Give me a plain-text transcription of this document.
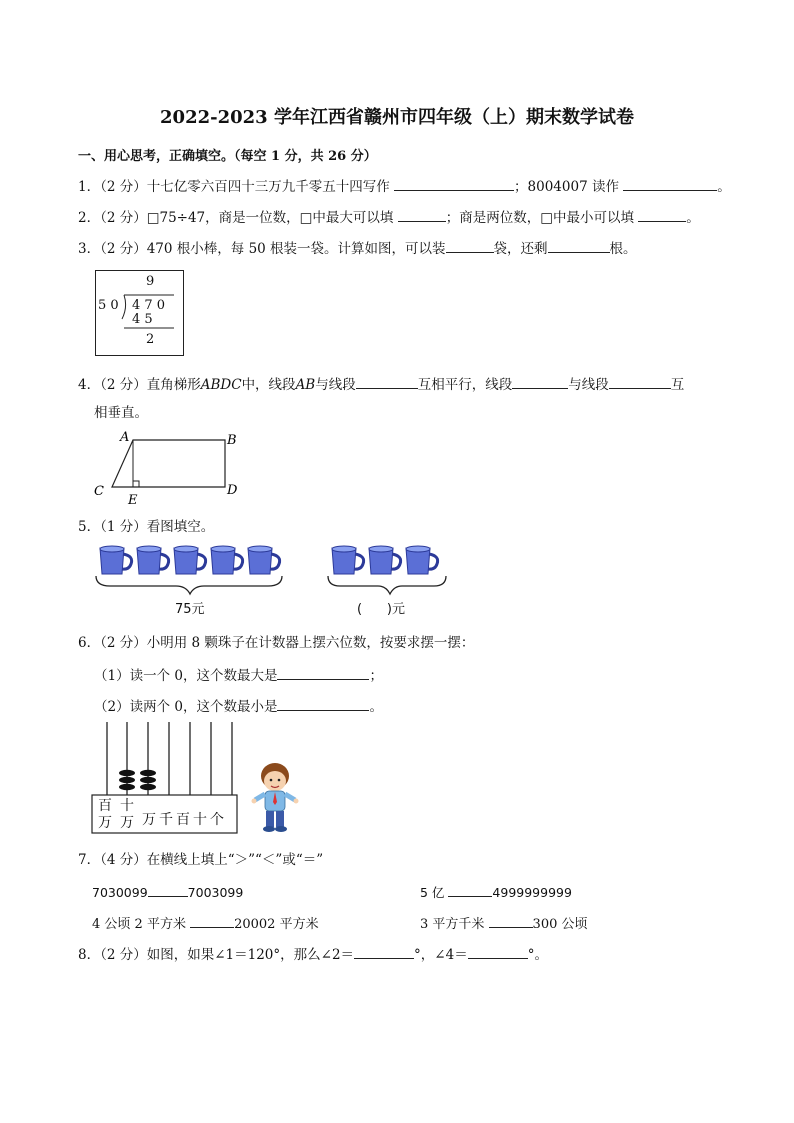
2022-2023 学年江西省赣州市四年级（上）期末数学试卷
一、用心思考，正确填空。（每空 1 分，共 26 分）
1．（2 分）十七亿零六百四十三万九千零五十四写作	；8004007 读作	。
2．（2 分）□75÷47，商是一位数，□中最大可以填	；商是两位数，□中最小可以填	。
3．（2 分）470 根小棒，每 50 根装一袋。计算如图，可以装	袋，还剩	根。
9
5 0 4 7 0
4 5
2
4．（2 分）直角梯形ABDC中，线段AB与线段	互相平行，线段	与线段	互
相垂直。
A	B
C	D
E
5．（1 分）看图填空。
75元	(      )元
6．（2 分）小明用 8 颗珠子在计数器上摆六位数，按要求摆一摆：
（1）读一个 0，这个数最大是	；
（2）读两个 0，这个数最小是	。
百
万
十
万 万千百十个
7．（4 分）在横线上填上“＞”“＜”或“＝”
7030099	7003099	5 亿	4999999999
4 公顷 2 平方米	20002 平方米	3 平方千米	300 公顷
8．（2 分）如图，如果∠1＝120°，那么∠2＝	°，∠4＝	°。
